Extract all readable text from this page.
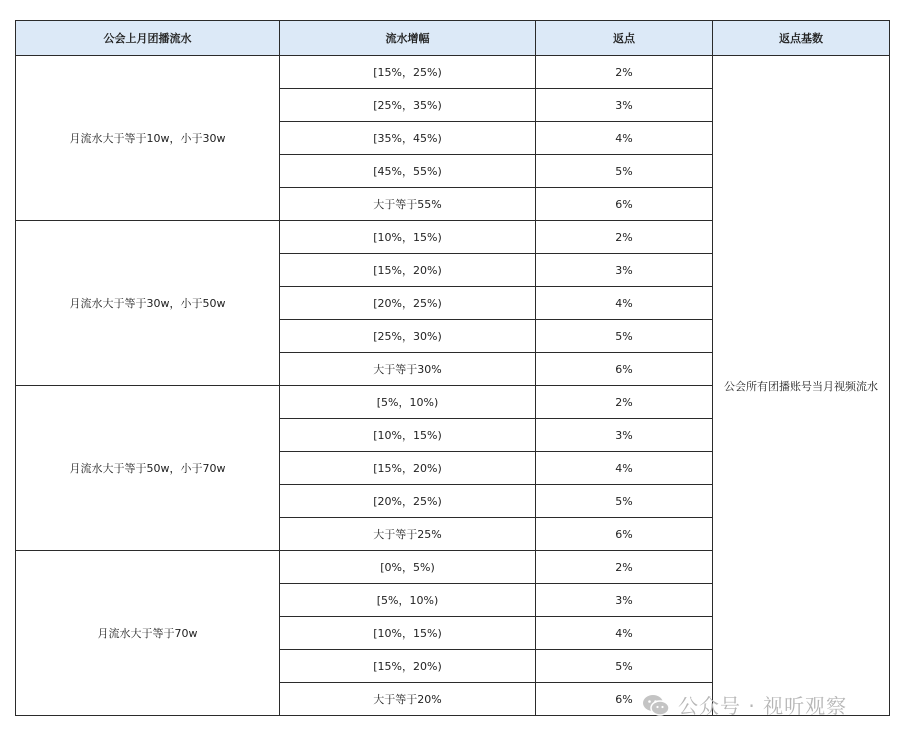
公会上月团播流水	流水增幅	返点	返点基数
月流水大于等于10w，小于30w	[15%，25%)	2%	公会所有团播账号当月视频流水
	[25%，35%)	3%	
	[35%，45%)	4%	
	[45%，55%)	5%	
	大于等于55%	6%	
月流水大于等于30w，小于50w	[10%，15%)	2%	
	[15%，20%)	3%	
	[20%，25%)	4%	
	[25%，30%)	5%	
	大于等于30%	6%	
月流水大于等于50w，小于70w	[5%，10%)	2%	
	[10%，15%)	3%	
	[15%，20%)	4%	
	[20%，25%)	5%	
	大于等于25%	6%	
月流水大于等于70w	[0%，5%)	2%	
	[5%，10%)	3%	
	[10%，15%)	4%	
	[15%，20%)	5%	
	大于等于20%	6%	公众号 · 视听观察
